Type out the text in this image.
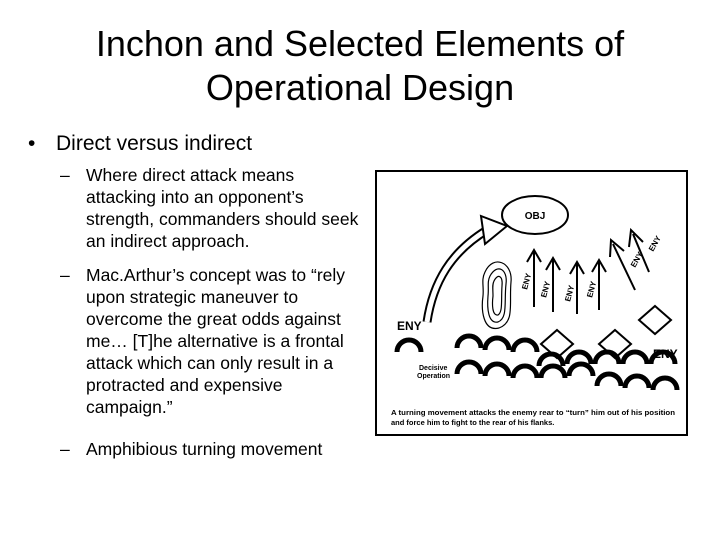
Inchon and Selected Elements of
Operational Design
• Direct versus indirect
– Where direct attack means attacking into an opponent’s strength, commanders should seek an indirect approach.
– Mac.Arthur’s concept was to “rely upon strategic maneuver to overcome the great odds against me… [T]he alternative is a frontal attack which can only result in a protracted and expensive campaign.”
– Amphibious turning movement
OBJ
ENY ENY ENY ENY
ENY
ENY
ENY
ENY
Decisive
Operation
A turning movement attacks the enemy rear to “turn” him out of his position
and force him to fight to the rear of his flanks.
